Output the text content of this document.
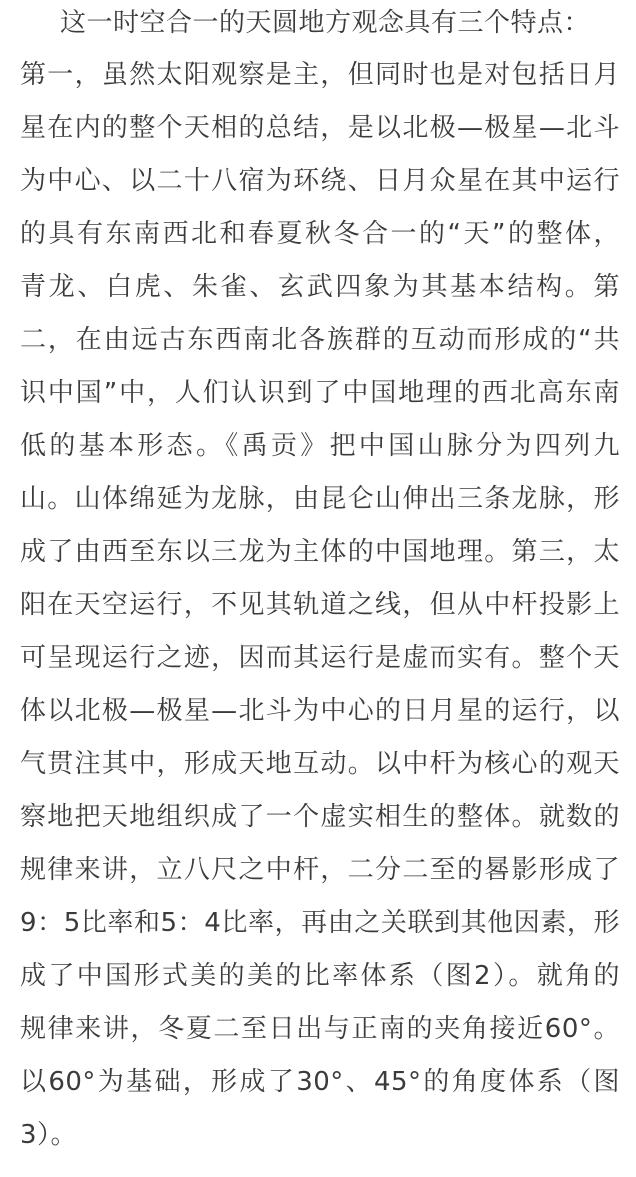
这一时空合一的天圆地方观念具有三个特点：
第一，虽然太阳观察是主，但同时也是对包括日月
星在内的整个天相的总结，是以北极—极星—北斗
为中心、以二十八宿为环绕、日月众星在其中运行
的具有东南西北和春夏秋冬合一的“天”的整体，
青龙、白虎、朱雀、玄武四象为其基本结构。第
二，在由远古东西南北各族群的互动而形成的“共
识中国”中，人们认识到了中国地理的西北高东南
低的基本形态。《禹贡》把中国山脉分为四列九
山。山体绵延为龙脉，由昆仑山伸出三条龙脉，形
成了由西至东以三龙为主体的中国地理。第三，太
阳在天空运行，不见其轨道之线，但从中杆投影上
可呈现运行之迹，因而其运行是虚而实有。整个天
体以北极—极星—北斗为中心的日月星的运行，以
气贯注其中，形成天地互动。以中杆为核心的观天
察地把天地组织成了一个虚实相生的整体。就数的
规律来讲，立八尺之中杆，二分二至的晷影形成了
9：5比率和5：4比率，再由之关联到其他因素，形
成了中国形式美的美的比率体系（图2）。就角的
规律来讲，冬夏二至日出与正南的夹角接近60°。
以60°为基础，形成了30°、45°的角度体系（图
3）。
